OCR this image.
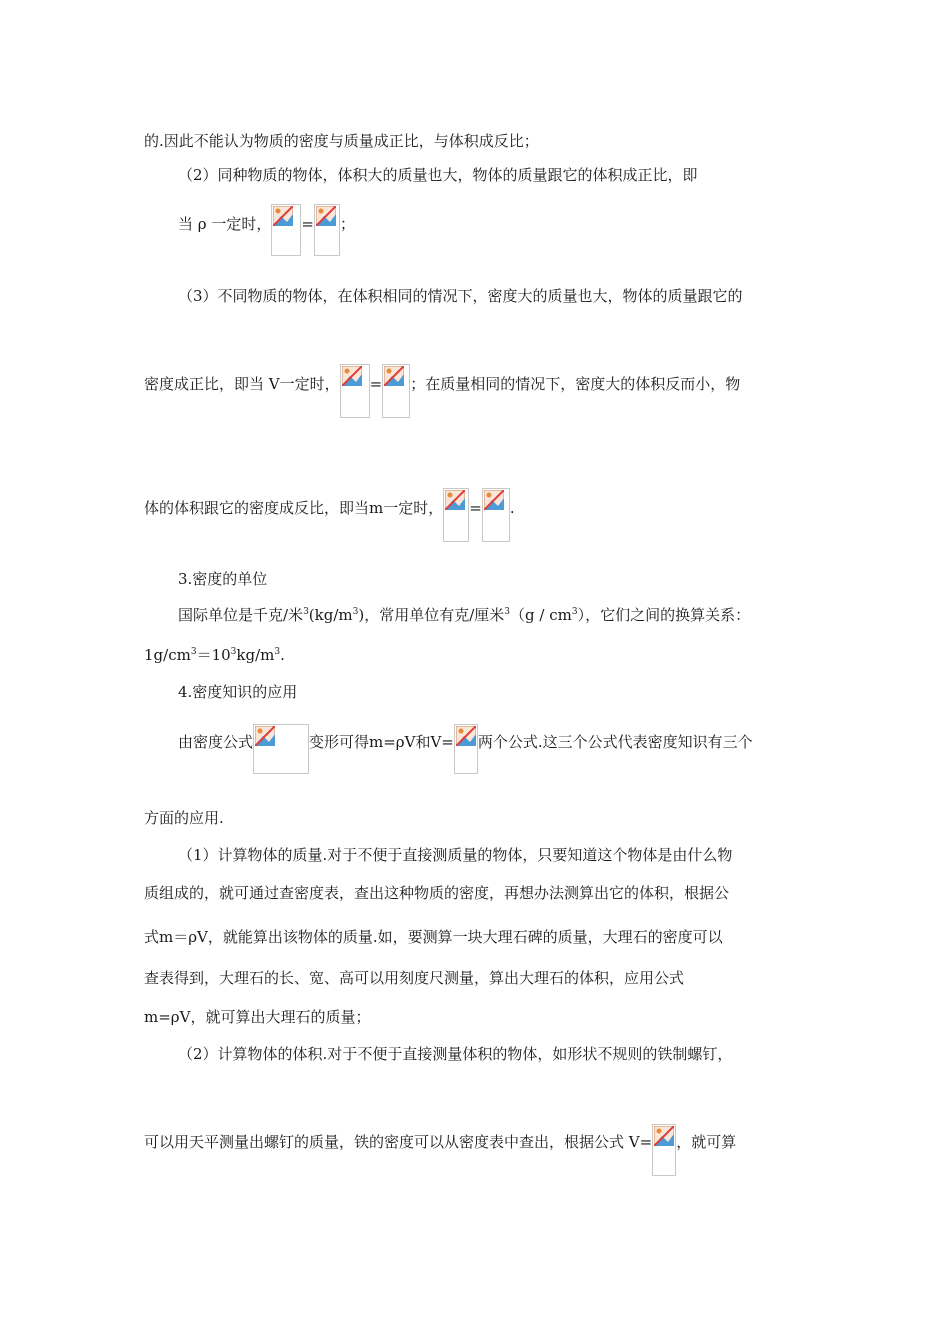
的.因此不能认为物质的密度与质量成正比，与体积成反比；
（2）同种物质的物体，体积大的质量也大，物体的质量跟它的体积成正比，即
当 ρ 一定时， = ；
（3）不同物质的物体，在体积相同的情况下，密度大的质量也大，物体的质量跟它的
密度成正比，即当 V一定时， = ；在质量相同的情况下，密度大的体积反而小，物
体的体积跟它的密度成反比，即当m一定时， = .
3.密度的单位
国际单位是千克/米$^3(kg/m^3)$，常用单位有克/厘米$^3(g / cm^3)$，它们之间的换算关系：
$1g/cm^3=10^3kg/m^3$.
4.密度知识的应用
由密度公式	变形可得m=ρV和V= 两个公式.这三个公式代表密度知识有三个
方面的应用.
（1）计算物体的质量.对于不便于直接测质量的物体，只要知道这个物体是由什么物
质组成的，就可通过查密度表，查出这种物质的密度，再想办法测算出它的体积，根据公
式m＝ρV，就能算出该物体的质量.如，要测算一块大理石碑的质量，大理石的密度可以
查表得到，大理石的长、宽、高可以用刻度尺测量，算出大理石的体积，应用公式
m=ρV，就可算出大理石的质量；
（2）计算物体的体积.对于不便于直接测量体积的物体，如形状不规则的铁制螺钉，
可以用天平测量出螺钉的质量，铁的密度可以从密度表中查出，根据公式 V= ，就可算
